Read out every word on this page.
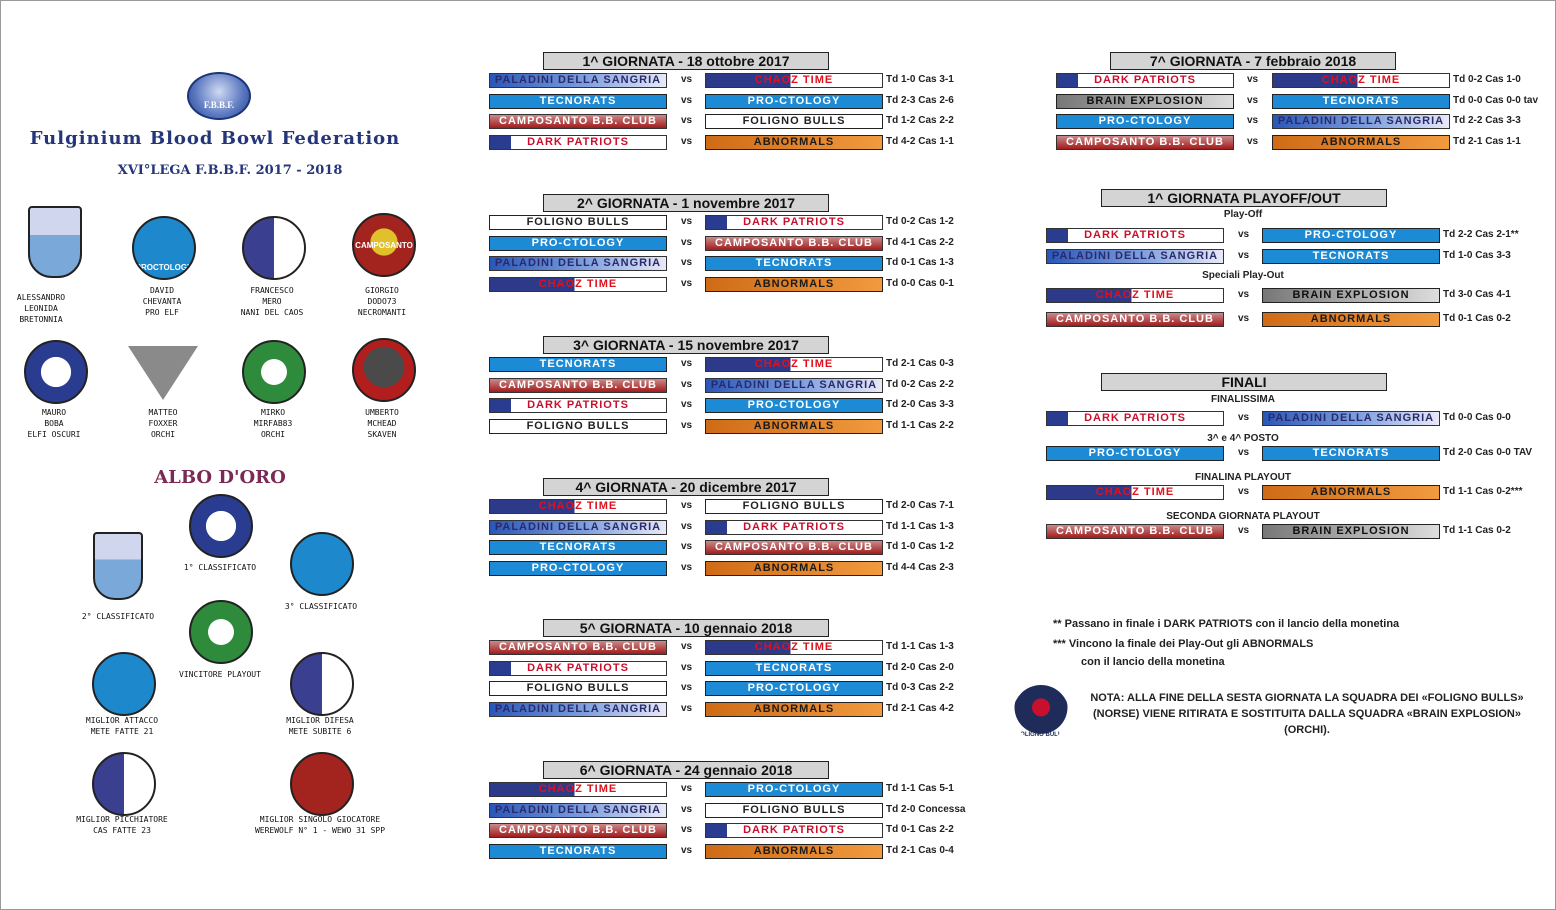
F.B.B.F.
Fulginium Blood Bowl Federation
XVI°LEGA F.B.B.F. 2017 - 2018
PROCTOLOGY
CAMPOSANTO
ALESSANDRO
LEONIDA
BRETONNIA
DAVID
CHEVANTA
PRO ELF
FRANCESCO
MERO
NANI DEL CAOS
GIORGIO
DODO73
NECROMANTI
MAURO
BOBA
ELFI OSCURI
MATTEO
FOXXER
ORCHI
MIRKO
MIRFAB83
ORCHI
UMBERTO
MCHEAD
SKAVEN
ALBO D'ORO
1° CLASSIFICATO
2° CLASSIFICATO
3° CLASSIFICATO
VINCITORE PLAYOUT
MIGLIOR ATTACCO
METE FATTE 21
MIGLIOR DIFESA
METE SUBITE 6
MIGLIOR PICCHIATORE
CAS FATTE 23
MIGLIOR SINGOLO GIOCATORE
WEREWOLF N° 1 - WEWO 31 SPP
1^ GIORNATA - 18 ottobre 2017
PALADINI DELLA SANGRIA	vs	CHAOZ TIME	Td 1-0 Cas 3-1
TECNORATS	vs	PRO-CTOLOGY	Td 2-3 Cas 2-6
CAMPOSANTO B.B. CLUB	vs	FOLIGNO BULLS	Td 1-2 Cas 2-2
DARK PATRIOTS	vs	ABNORMALS	Td 4-2 Cas 1-1
2^ GIORNATA - 1 novembre 2017
FOLIGNO BULLS	vs	DARK PATRIOTS	Td 0-2 Cas 1-2
PRO-CTOLOGY	vs	CAMPOSANTO B.B. CLUB	Td 4-1 Cas 2-2
PALADINI DELLA SANGRIA	vs	TECNORATS	Td 0-1 Cas 1-3
CHAOZ TIME	vs	ABNORMALS	Td 0-0 Cas 0-1
3^ GIORNATA - 15 novembre 2017
TECNORATS	vs	CHAOZ TIME	Td 2-1 Cas 0-3
CAMPOSANTO B.B. CLUB	vs	PALADINI DELLA SANGRIA Td 0-2 Cas 2-2
DARK PATRIOTS	vs	PRO-CTOLOGY	Td 2-0 Cas 3-3
FOLIGNO BULLS	vs	ABNORMALS	Td 1-1 Cas 2-2
4^ GIORNATA - 20 dicembre 2017
CHAOZ TIME	vs	FOLIGNO BULLS	Td 2-0 Cas 7-1
PALADINI DELLA SANGRIA	vs	DARK PATRIOTS	Td 1-1 Cas 1-3
TECNORATS	vs	CAMPOSANTO B.B. CLUB	Td 1-0 Cas 1-2
PRO-CTOLOGY	vs	ABNORMALS	Td 4-4 Cas 2-3
5^ GIORNATA - 10 gennaio 2018
CAMPOSANTO B.B. CLUB	vs	CHAOZ TIME	Td 1-1 Cas 1-3
DARK PATRIOTS	vs	TECNORATS	Td 2-0 Cas 2-0
FOLIGNO BULLS	vs	PRO-CTOLOGY	Td 0-3 Cas 2-2
PALADINI DELLA SANGRIA	vs	ABNORMALS	Td 2-1 Cas 4-2
6^ GIORNATA - 24 gennaio 2018
CHAOZ TIME	vs	PRO-CTOLOGY	Td 1-1 Cas 5-1
PALADINI DELLA SANGRIA	vs	FOLIGNO BULLS	Td 2-0 Concessa
CAMPOSANTO B.B. CLUB	vs	DARK PATRIOTS	Td 0-1 Cas 2-2
TECNORATS	vs	ABNORMALS	Td 2-1 Cas 0-4
7^ GIORNATA - 7 febbraio 2018
DARK PATRIOTS	vs	CHAOZ TIME	Td 0-2 Cas 1-0
BRAIN EXPLOSION	vs	TECNORATS	Td 0-0 Cas 0-0 tav
PRO-CTOLOGY	vs	PALADINI DELLA SANGRIA Td 2-2 Cas 3-3
CAMPOSANTO B.B. CLUB	vs	ABNORMALS	Td 2-1 Cas 1-1
1^ GIORNATA PLAYOFF/OUT
Play-Off
DARK PATRIOTS	vs	PRO-CTOLOGY	Td 2-2 Cas 2-1**
PALADINI DELLA SANGRIA	vs	TECNORATS	Td 1-0 Cas 3-3
Speciali Play-Out
CHAOZ TIME	vs	BRAIN EXPLOSION	Td 3-0 Cas 4-1
CAMPOSANTO B.B. CLUB	vs	ABNORMALS	Td 0-1 Cas 0-2
FINALI
FINALISSIMA
DARK PATRIOTS	vs	PALADINI DELLA SANGRIA Td 0-0 Cas 0-0
3^ e 4^ POSTO
PRO-CTOLOGY	vs	TECNORATS	Td 2-0 Cas 0-0 TAV
FINALINA PLAYOUT
CHAOZ TIME	vs	ABNORMALS	Td 1-1 Cas 0-2***
SECONDA GIORNATA PLAYOUT
CAMPOSANTO B.B. CLUB	vs	BRAIN EXPLOSION	Td 1-1 Cas 0-2
** Passano in finale i DARK PATRIOTS con il lancio della monetina
*** Vincono la finale dei Play-Out gli ABNORMALS
con il lancio della monetina
FOLIGNO BULLS
NOTA: ALLA FINE DELLA SESTA GIORNATA LA SQUADRA DEI «FOLIGNO BULLS» (NORSE) VIENE RITIRATA E SOSTITUITA DALLA SQUADRA «BRAIN EXPLOSION» (ORCHI).
